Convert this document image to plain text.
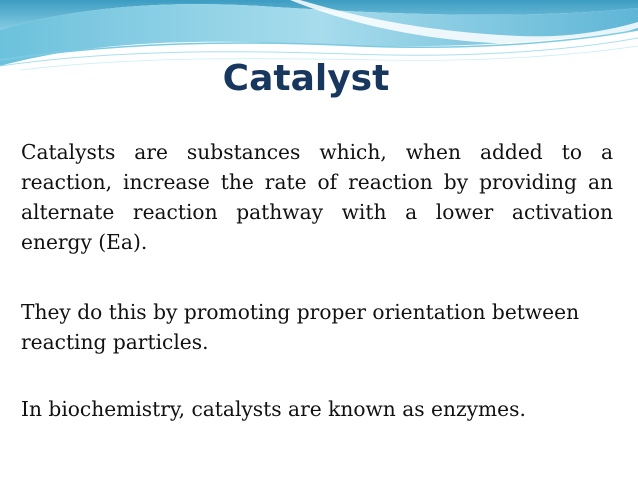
Catalyst
Catalysts are substances which, when added to a reaction, increase the rate of reaction by providing an alternate reaction pathway with a lower activation energy (Ea).
They do this by promoting proper orientation between reacting particles.
In biochemistry, catalysts are known as enzymes.
